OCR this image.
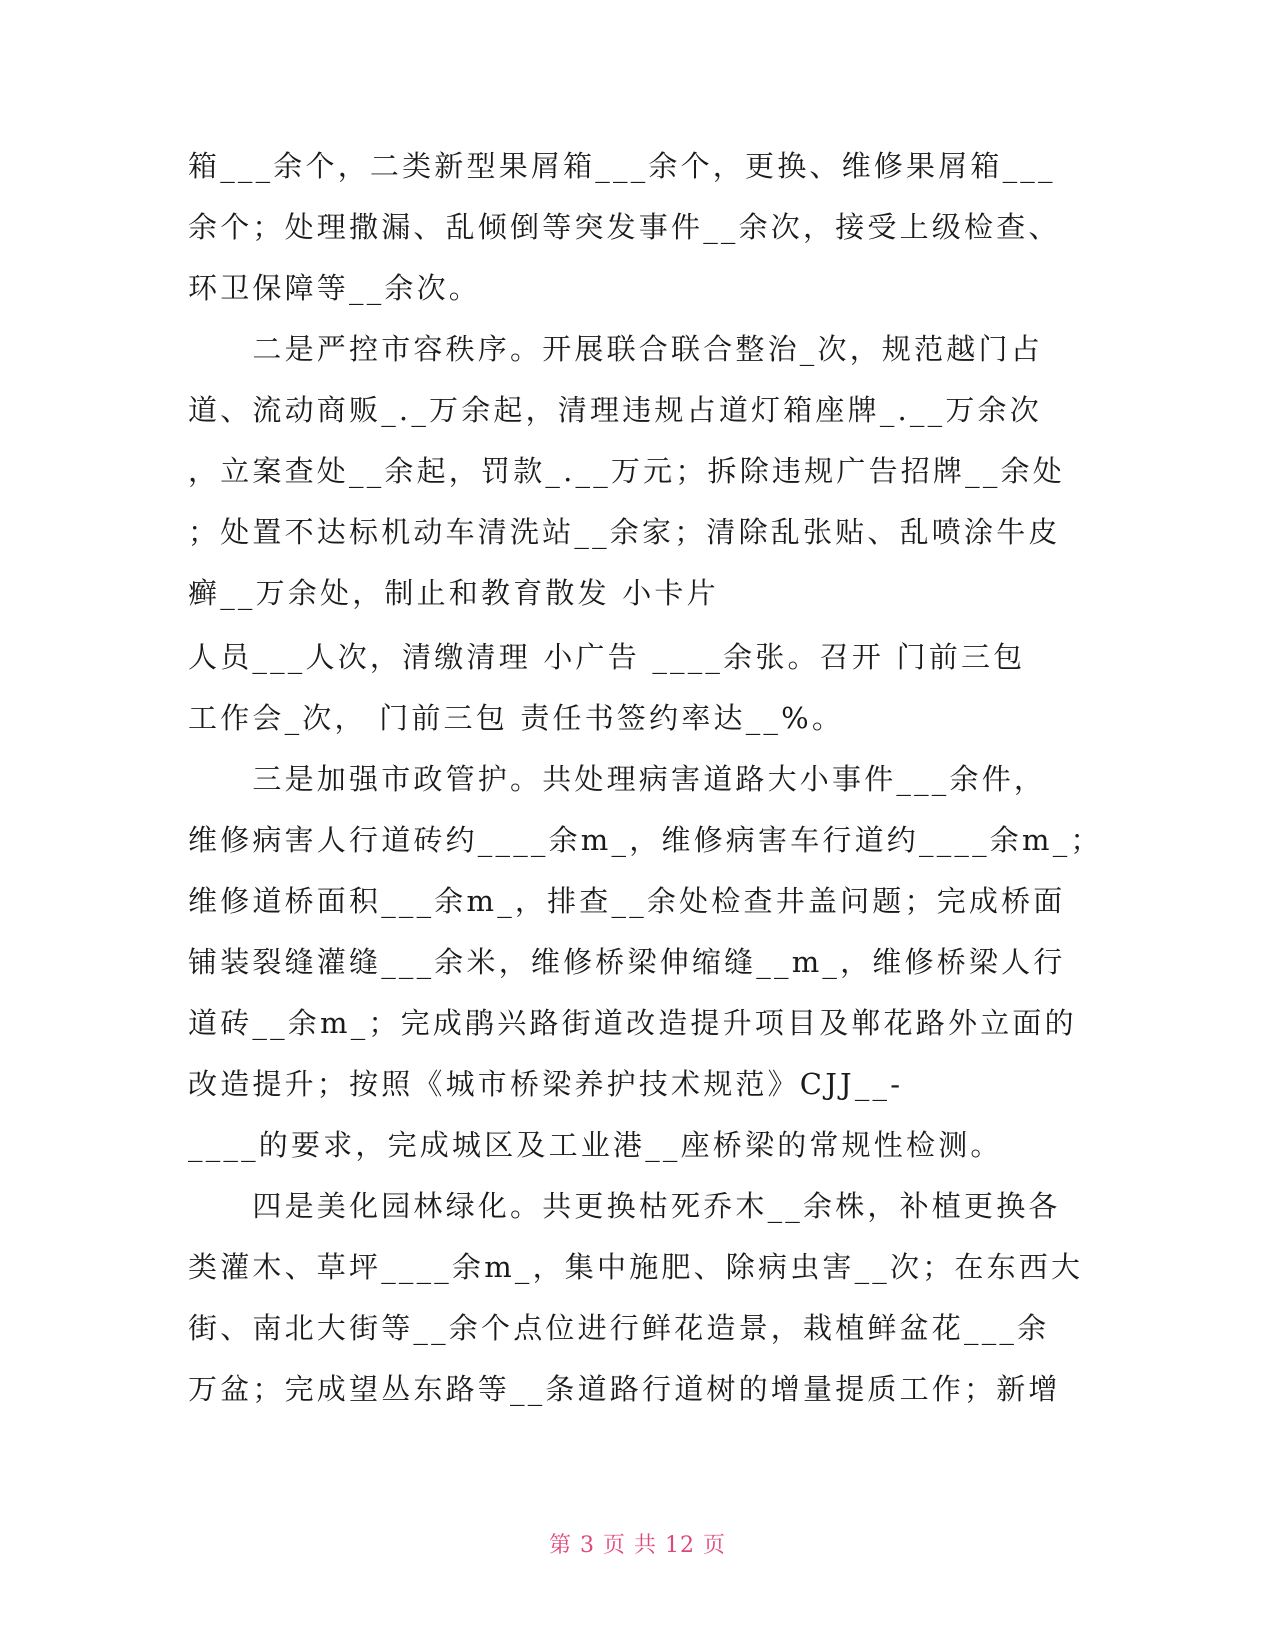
箱___余个，二类新型果屑箱___余个，更换、维修果屑箱___
余个；处理撒漏、乱倾倒等突发事件__余次，接受上级检查、
环卫保障等__余次。
　　二是严控市容秩序。开展联合联合整治_次，规范越门占
道、流动商贩_._万余起，清理违规占道灯箱座牌_.__万余次
，立案查处__余起，罚款_.__万元；拆除违规广告招牌__余处
；处置不达标机动车清洗站__余家；清除乱张贴、乱喷涂牛皮
癣__万余处，制止和教育散发 小卡片
人员___人次，清缴清理 小广告 ____余张。召开 门前三包
工作会_次， 门前三包 责任书签约率达__%。
　　三是加强市政管护。共处理病害道路大小事件___余件，
维修病害人行道砖约____余m_，维修病害车行道约____余m_；
维修道桥面积___余m_，排查__余处检查井盖问题；完成桥面
铺装裂缝灌缝___余米，维修桥梁伸缩缝__m_，维修桥梁人行
道砖__余m_；完成鹃兴路街道改造提升项目及郸花路外立面的
改造提升；按照《城市桥梁养护技术规范》CJJ__-
____的要求，完成城区及工业港__座桥梁的常规性检测。
　　四是美化园林绿化。共更换枯死乔木__余株，补植更换各
类灌木、草坪____余m_，集中施肥、除病虫害__次；在东西大
街、南北大街等__余个点位进行鲜花造景，栽植鲜盆花___余
万盆；完成望丛东路等__条道路行道树的增量提质工作；新增
第 3 页 共 12 页
